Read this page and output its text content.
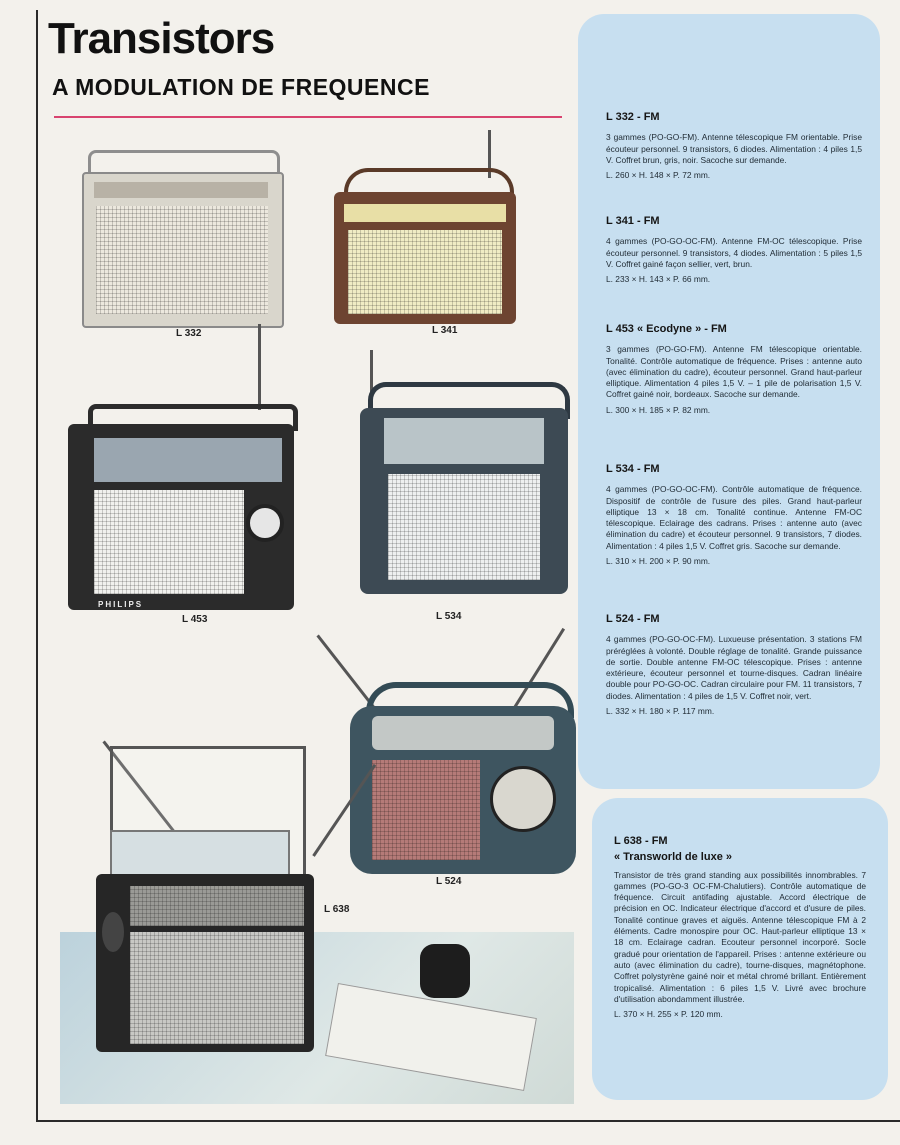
Transistors
A MODULATION DE FREQUENCE
L 332	L 341
PHILIPS
L 453	L 534
L 524
L 638
L 332 - FM

3 gammes (PO-GO-FM). Antenne télescopique FM orientable. Prise écouteur personnel. 9 transistors, 6 diodes. Alimentation : 4 piles 1,5 V. Coffret brun, gris, noir. Sacoche sur demande.

L. 260 × H. 148 × P. 72 mm.

L 341 - FM

4 gammes (PO-GO-OC-FM). Antenne FM-OC télescopique. Prise écouteur personnel. 9 transistors, 4 diodes. Alimentation : 5 piles 1,5 V. Coffret gainé façon sellier, vert, brun.

L. 233 × H. 143 × P. 66 mm.

L 453 « Ecodyne » - FM

3 gammes (PO-GO-FM). Antenne FM télescopique orientable. Tonalité. Contrôle automatique de fréquence. Prises : antenne auto (avec élimination du cadre), écouteur personnel. Grand haut-parleur elliptique. Alimentation 4 piles 1,5 V. – 1 pile de polarisation 1,5 V. Coffret gainé noir, bordeaux. Sacoche sur demande.

L. 300 × H. 185 × P. 82 mm.

L 534 - FM

4 gammes (PO-GO-OC-FM). Contrôle automatique de fréquence. Dispositif de contrôle de l'usure des piles. Grand haut-parleur elliptique 13 × 18 cm. Tonalité continue. Antenne FM-OC télescopique. Eclairage des cadrans. Prises : antenne auto (avec élimination du cadre) et écouteur personnel. 9 transistors, 7 diodes. Alimentation : 4 piles 1,5 V. Coffret gris. Sacoche sur demande.

L. 310 × H. 200 × P. 90 mm.

L 524 - FM

4 gammes (PO-GO-OC-FM). Luxueuse présentation. 3 stations FM préréglées à volonté. Double réglage de tonalité. Grande puissance de sortie. Double antenne FM-OC télescopique. Prises : antenne extérieure, écouteur personnel et tourne-disques. Cadran linéaire double pour PO-GO-OC. Cadran circulaire pour FM. 11 transistors, 7 diodes. Alimentation : 4 piles de 1,5 V. Coffret noir, vert.

L. 332 × H. 180 × P. 117 mm.

L 638 - FM
« Transworld de luxe »

Transistor de très grand standing aux possibilités innombrables. 7 gammes (PO-GO-3 OC-FM-Chalutiers). Contrôle automatique de fréquence. Circuit antifading ajustable. Accord électrique de précision en OC. Indicateur électrique d'accord et d'usure de piles. Tonalité continue graves et aiguës. Antenne télescopique FM à 2 éléments. Cadre monospire pour OC. Haut-parleur elliptique 13 × 18 cm. Eclairage cadran. Ecouteur personnel incorporé. Socle gradué pour orientation de l'appareil. Prises : antenne extérieure ou auto (avec élimination du cadre), tourne-disques, magnétophone. Coffret polystyrène gainé noir et métal chromé brillant. Entièrement tropicalisé. Alimentation : 6 piles 1,5 V. Livré avec brochure d'utilisation abondamment illustrée.

L. 370 × H. 255 × P. 120 mm.
